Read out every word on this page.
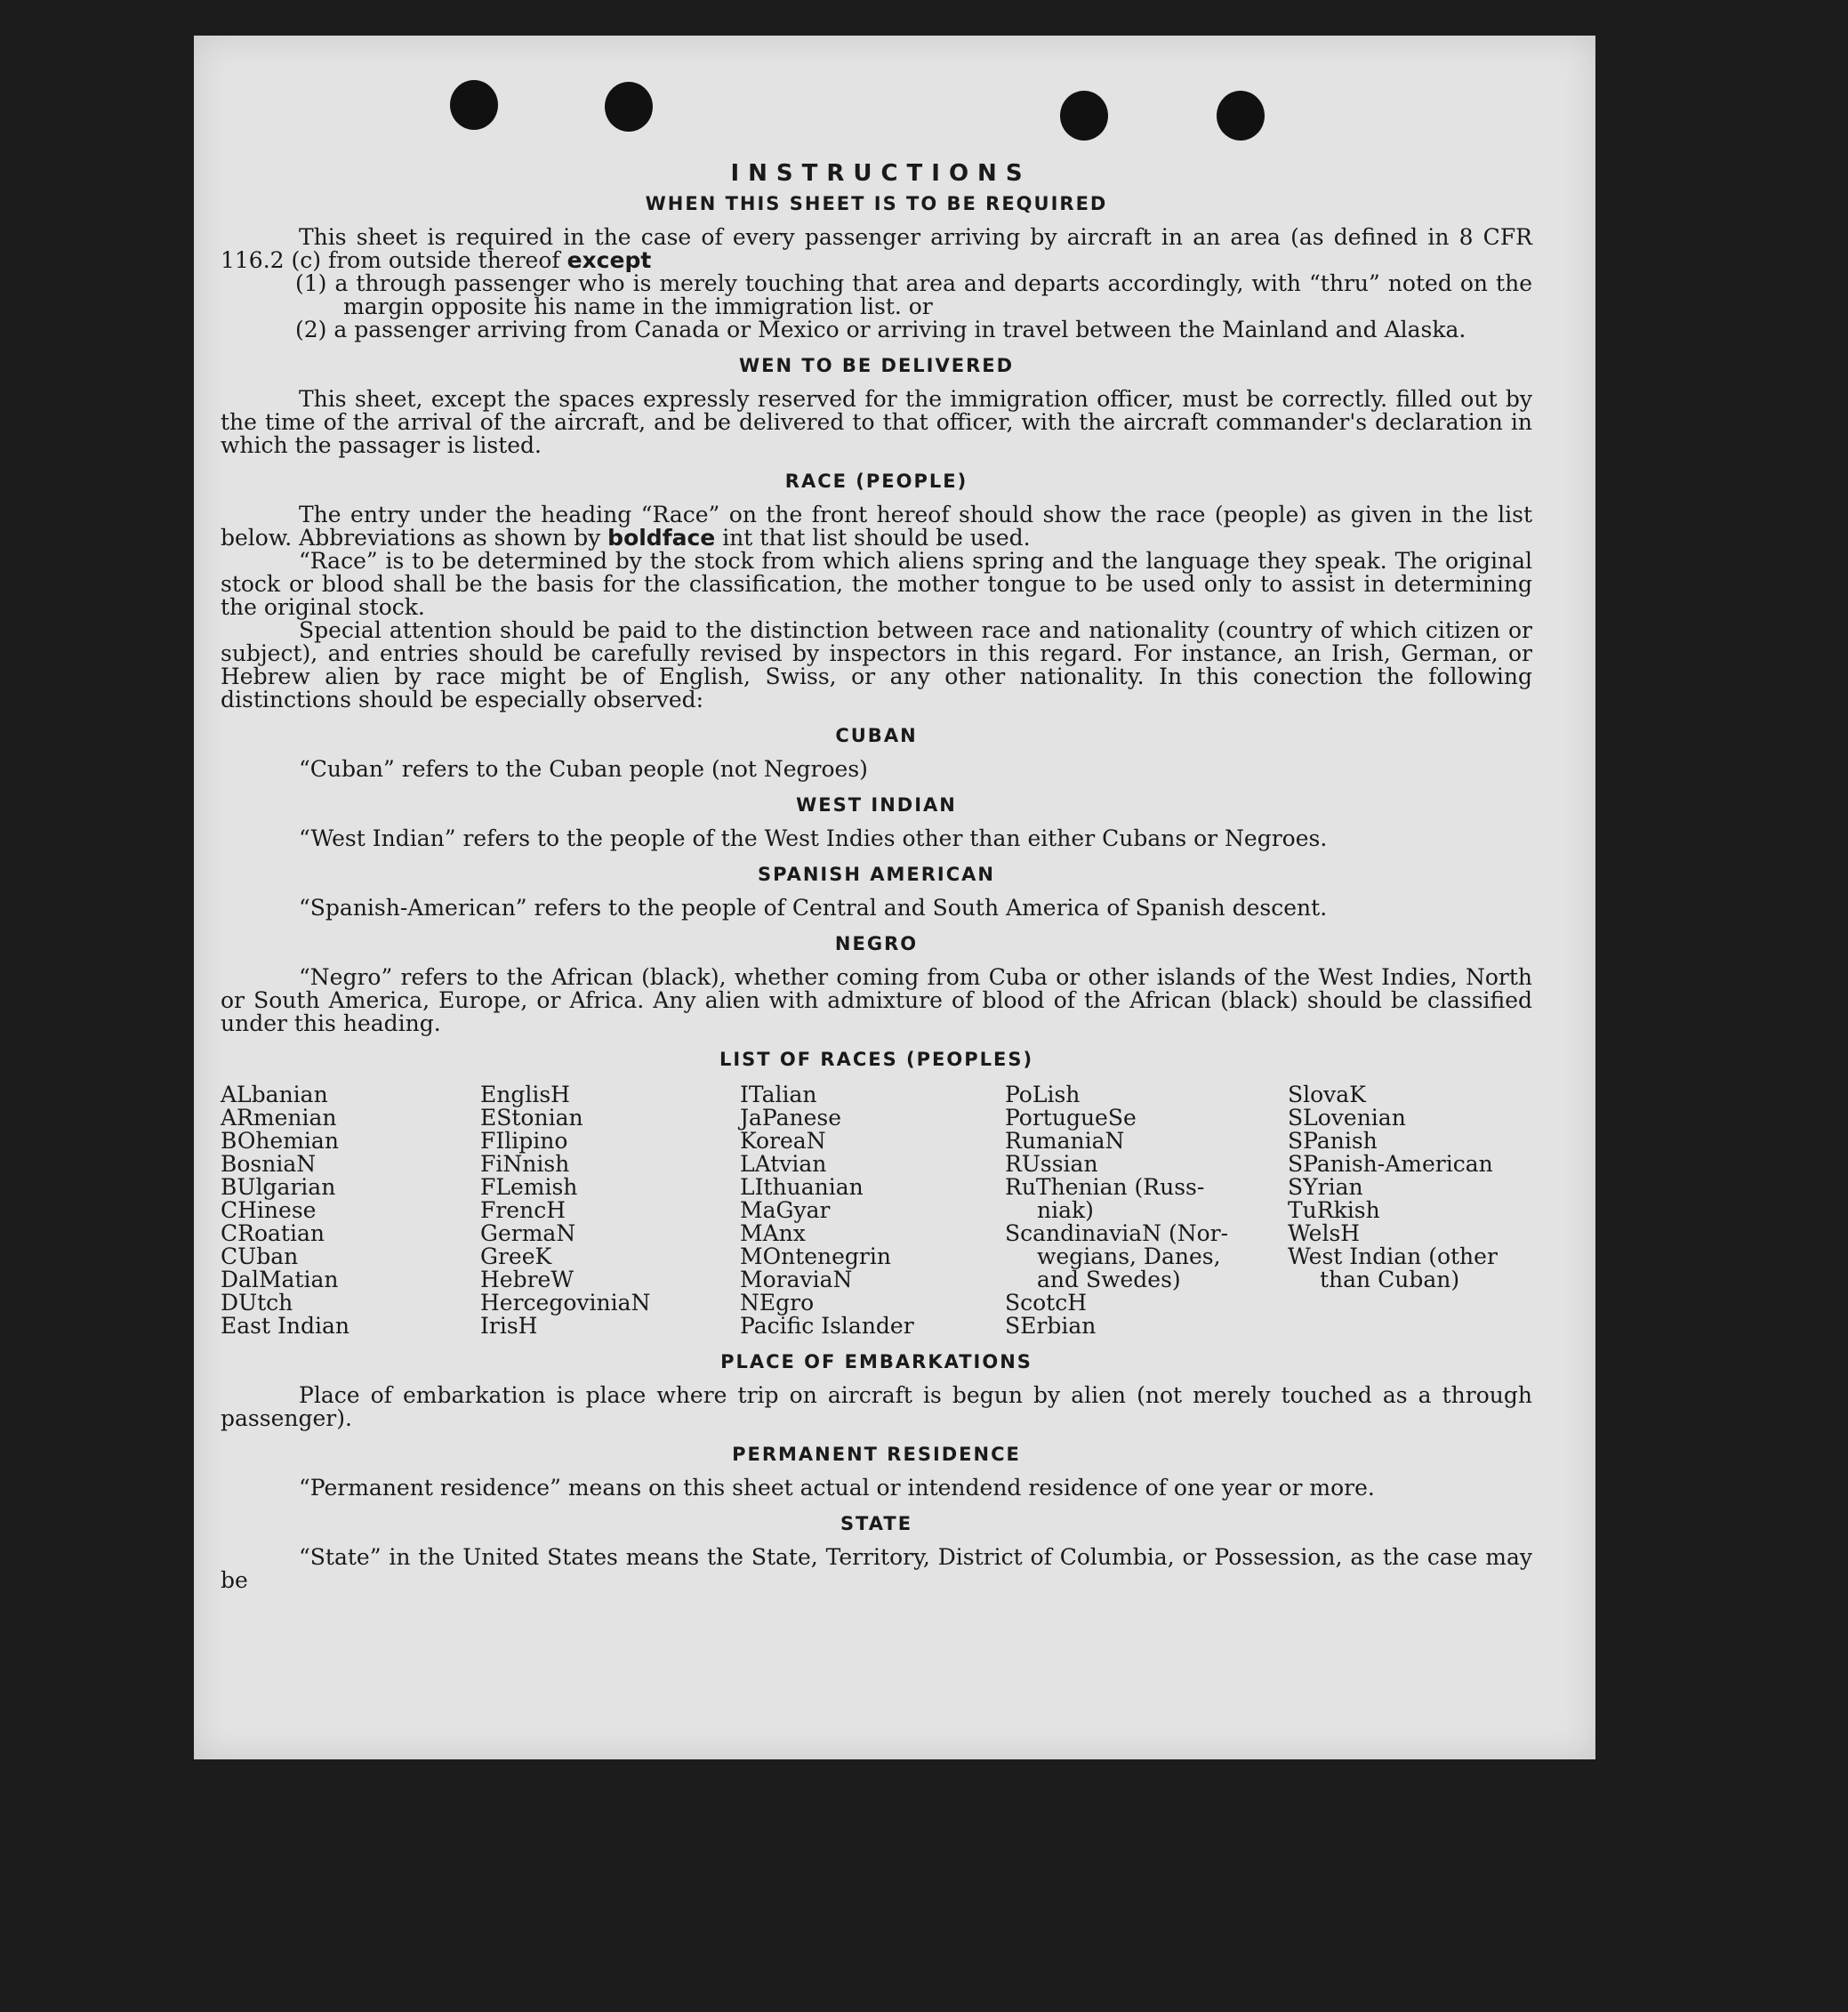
INSTRUCTIONS
WHEN THIS SHEET IS TO BE REQUIRED

This sheet is required in the case of every passenger arriving by aircraft in an area (as defined in 8 CFR 116.2 (c) from outside thereof except

(1) a through passenger who is merely touching that area and departs accordingly, with “thru” noted on the margin opposite his name in the immigration list. or

(2) a passenger arriving from Canada or Mexico or arriving in travel between the Mainland and Alaska.

WEN TO BE DELIVERED

This sheet, except the spaces expressly reserved for the immigration officer, must be correctly. filled out by the time of the arrival of the aircraft, and be delivered to that officer, with the aircraft commander's declaration in which the passager is listed.

RACE (PEOPLE)

The entry under the heading “Race” on the front hereof should show the race (people) as given in the list below. Abbreviations as shown by boldface int that list should be used.

“Race” is to be determined by the stock from which aliens spring and the language they speak. The original stock or blood shall be the basis for the classification, the mother tongue to be used only to assist in determining the original stock.

Special attention should be paid to the distinction between race and nationality (country of which citizen or subject), and entries should be carefully revised by inspectors in this regard. For instance, an Irish, German, or Hebrew alien by race might be of English, Swiss, or any other nationality. In this conection the following distinctions should be especially observed:

CUBAN

“Cuban” refers to the Cuban people (not Negroes)

WEST INDIAN

“West Indian” refers to the people of the West Indies other than either Cubans or Negroes.

SPANISH AMERICAN

“Spanish-American” refers to the people of Central and South America of Spanish descent.

NEGRO

“Negro” refers to the African (black), whether coming from Cuba or other islands of the West Indies, North or South America, Europe, or Africa. Any alien with admixture of blood of the African (black) should be classified under this heading.

LIST OF RACES (PEOPLES)
ALbanian
ARmenian
BOhemian
BosniaN
BUlgarian
CHinese
CRoatian
CUban
DalMatian
DUtch
East Indian
EnglisH
EStonian
FIlipino
FiNnish
FLemish
FrencH
GermaN
GreeK
HebreW
HercegoviniaN
IrisH
ITalian
JaPanese
KoreaN
LAtvian
LIthuanian
MaGyar
MAnx
MOntenegrin
MoraviaN
NEgro
Pacific Islander
PoLish
PortugueSe
RumaniaN
RUssian
RuThenian (Russ-
niak)
ScandinaviaN (Nor-
wegians, Danes,
and Swedes)
ScotcH
SErbian
SlovaK
SLovenian
SPanish
SPanish-American
SYrian
TuRkish
WelsH
West Indian (other
than Cuban)
PLACE OF EMBARKATIONS

Place of embarkation is place where trip on aircraft is begun by alien (not merely touched as a through passenger).

PERMANENT RESIDENCE

“Permanent residence” means on this sheet actual or intendend residence of one year or more.

STATE

“State” in the United States means the State, Territory, District of Columbia, or Possession, as the case may be
